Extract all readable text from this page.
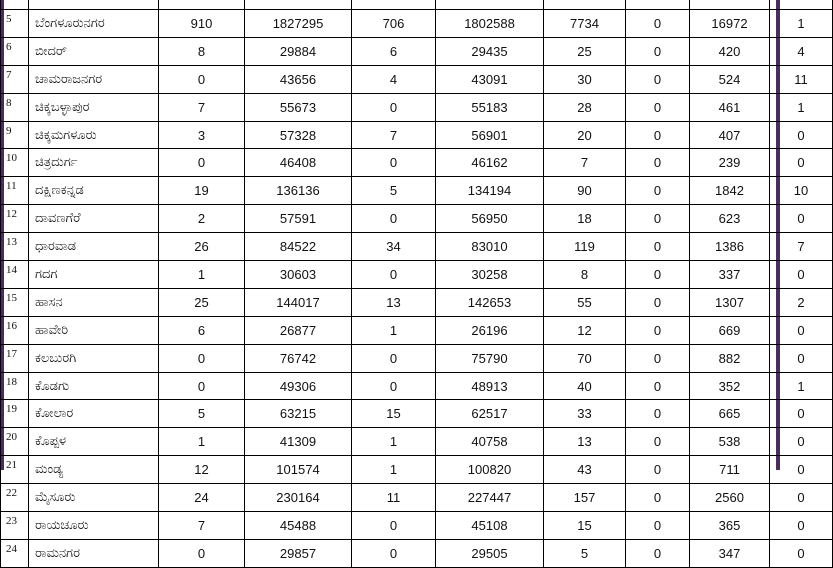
5	ಬೆಂಗಳೂರುನಗರ	910	1827295	706	1802588	7734	0	16972	1
6	ಬೀದರ್	8	29884	6	29435	25	0	420	4
7	ಚಾಮರಾಜನಗರ	0	43656	4	43091	30	0	524	11
8	ಚಿಕ್ಕಬಳ್ಳಾಪುರ	7	55673	0	55183	28	0	461	1
9	ಚಿಕ್ಕಮಗಳೂರು	3	57328	7	56901	20	0	407	0
10	ಚಿತ್ರದುರ್ಗ	0	46408	0	46162	7	0	239	0
11	ದಕ್ಷಿಣಕನ್ನಡ	19	136136	5	134194	90	0	1842	10
12	ದಾವಣಗೆರೆ	2	57591	0	56950	18	0	623	0
13	ಧಾರವಾಡ	26	84522	34	83010	119	0	1386	7
14	ಗದಗ	1	30603	0	30258	8	0	337	0
15	ಹಾಸನ	25	144017	13	142653	55	0	1307	2
16	ಹಾವೇರಿ	6	26877	1	26196	12	0	669	0
17	ಕಲಬುರಗಿ	0	76742	0	75790	70	0	882	0
18	ಕೊಡಗು	0	49306	0	48913	40	0	352	1
19	ಕೋಲಾರ	5	63215	15	62517	33	0	665	0
20	ಕೊಪ್ಪಳ	1	41309	1	40758	13	0	538	0
21	ಮಂಡ್ಯ	12	101574	1	100820	43	0	711	0
22	ಮೈಸೂರು	24	230164	11	227447	157	0	2560	0
23	ರಾಯಚೂರು	7	45488	0	45108	15	0	365	0
24	ರಾಮನಗರ	0	29857	0	29505	5	0	347	0
